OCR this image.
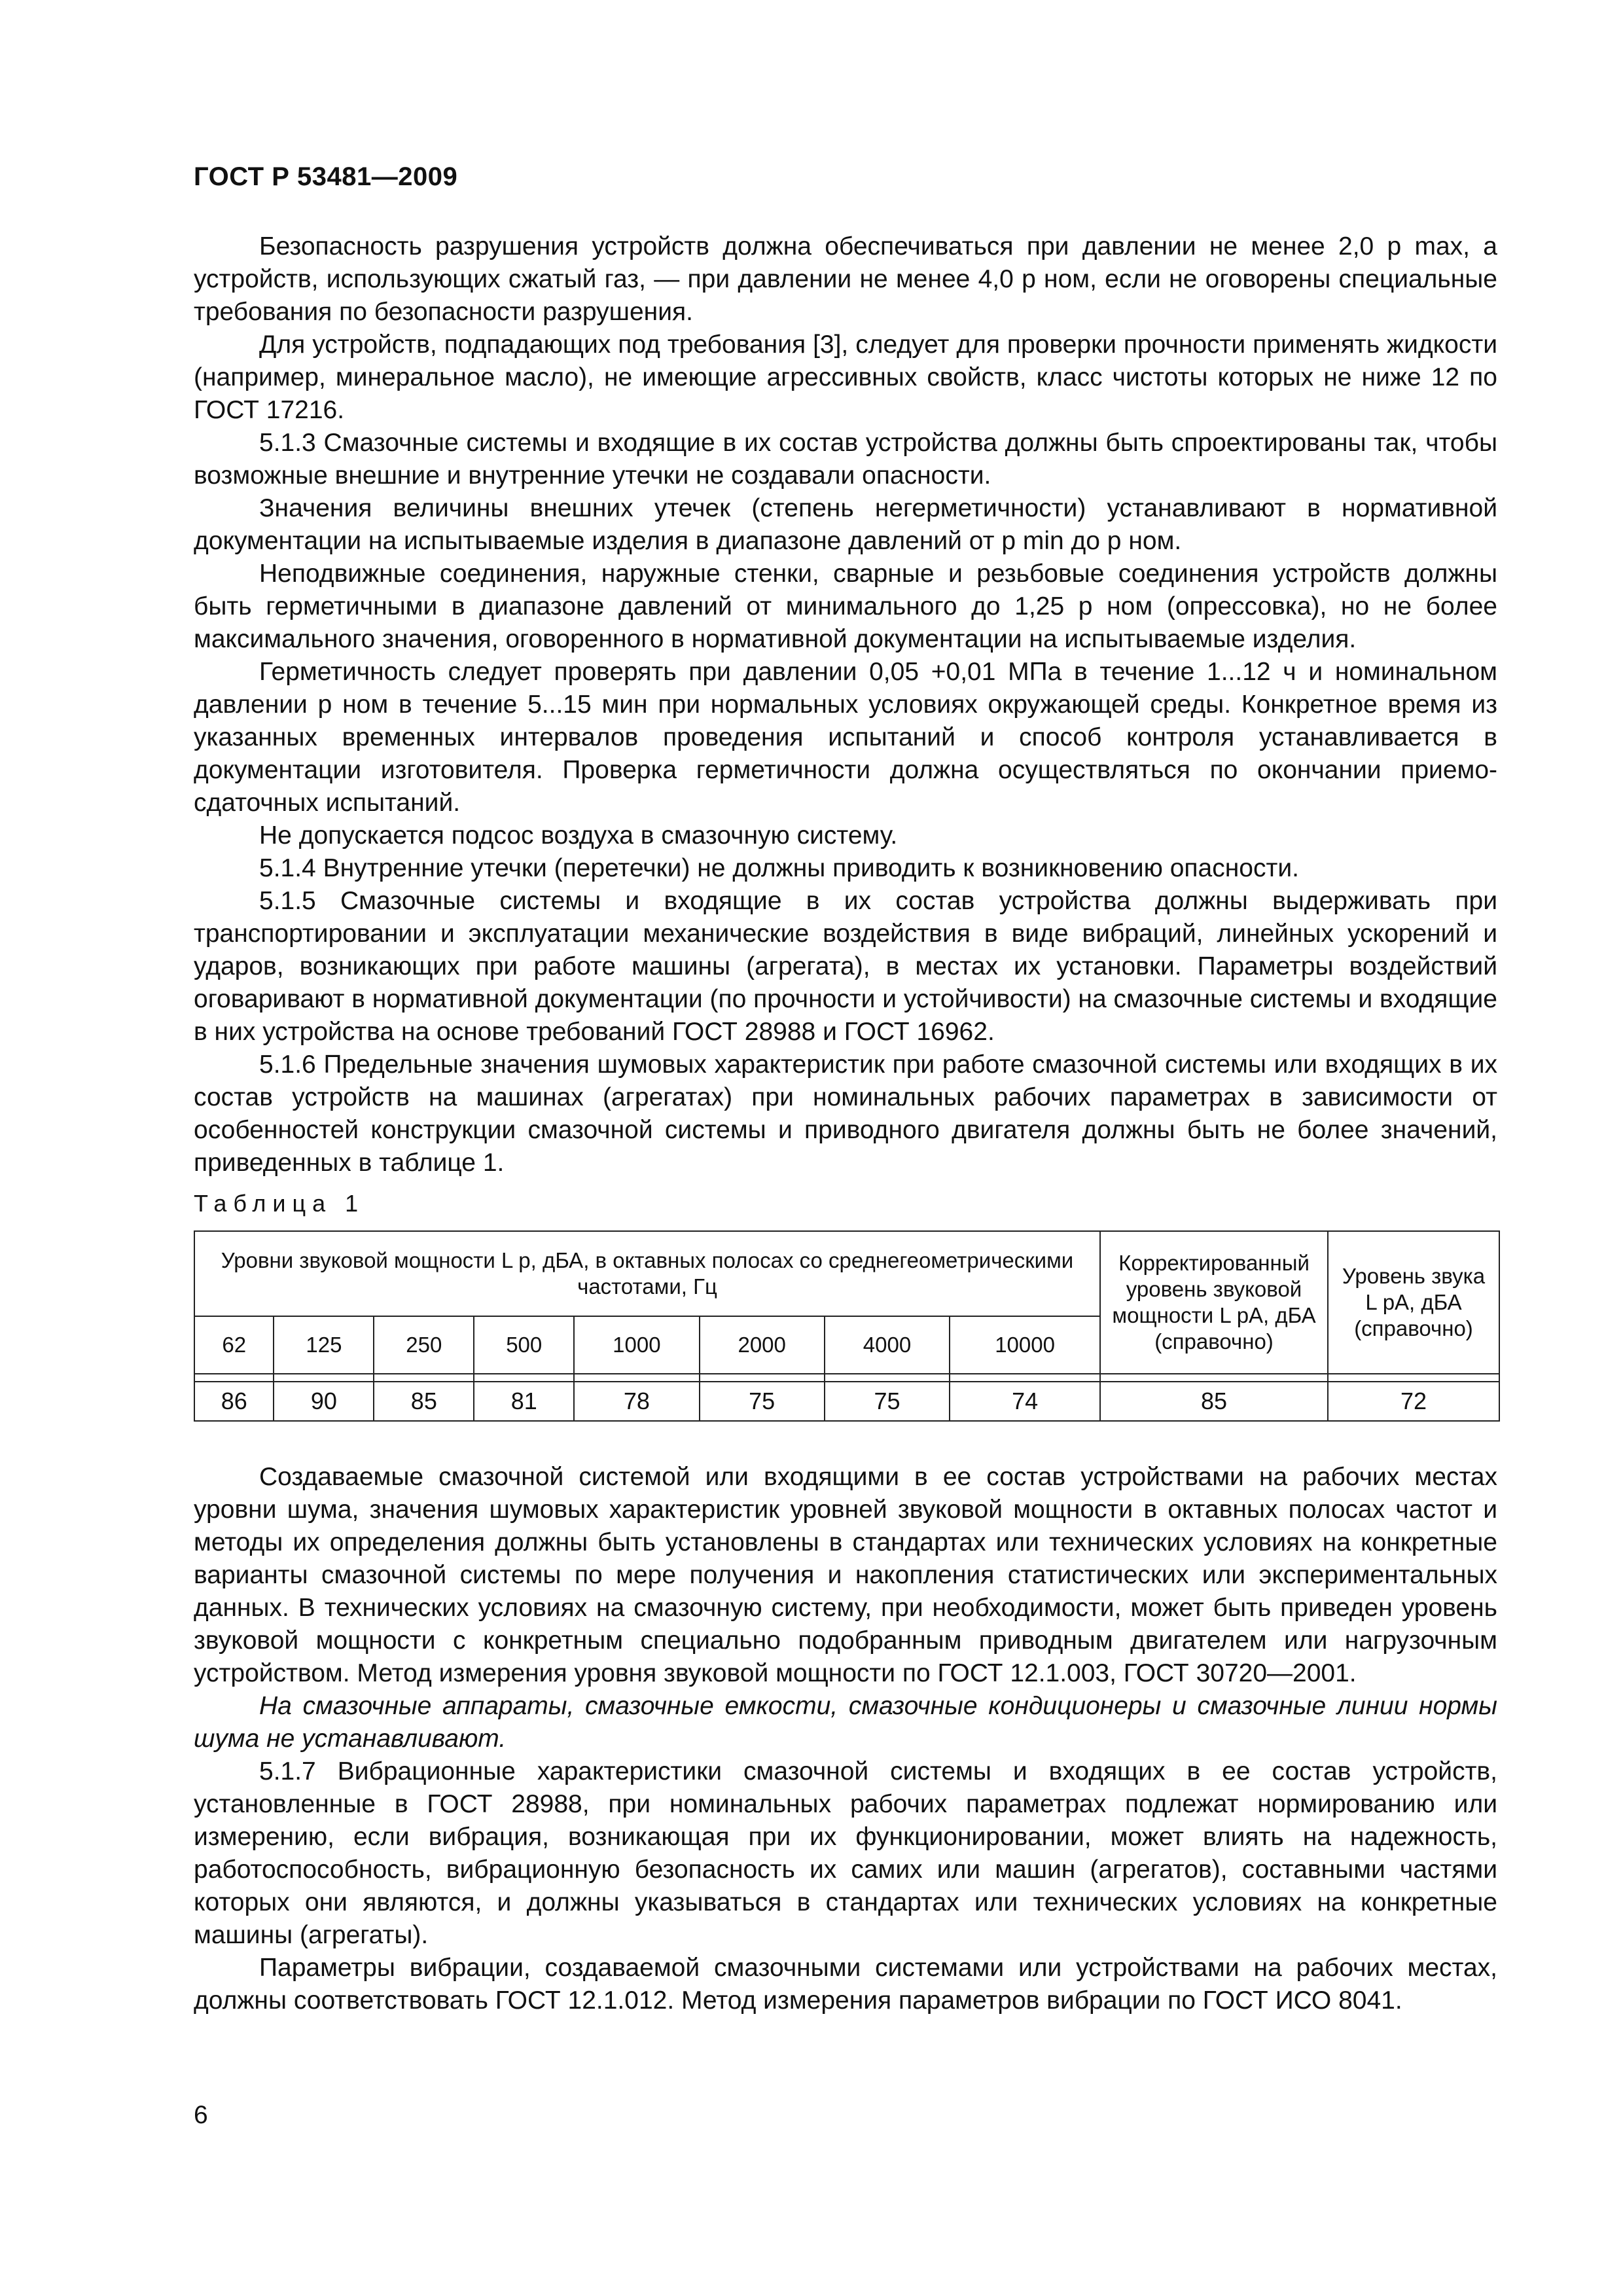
ГОСТ Р 53481—2009

Безопасность разрушения устройств должна обеспечиваться при давлении не менее 2,0 p max, а устройств, использующих сжатый газ, — при давлении не менее 4,0 p ном, если не оговорены специальные требования по безопасности разрушения.

Для устройств, подпадающих под требования [3], следует для проверки прочности применять жидкости (например, минеральное масло), не имеющие агрессивных свойств, класс чистоты которых не ниже 12 по ГОСТ 17216.

5.1.3 Смазочные системы и входящие в их состав устройства должны быть спроектированы так, чтобы возможные внешние и внутренние утечки не создавали опасности.

Значения величины внешних утечек (степень негерметичности) устанавливают в нормативной документации на испытываемые изделия в диапазоне давлений от p min до p ном.

Неподвижные соединения, наружные стенки, сварные и резьбовые соединения устройств должны быть герметичными в диапазоне давлений от минимального до 1,25 p ном (опрессовка), но не более максимального значения, оговоренного в нормативной документации на испытываемые изделия.

Герметичность следует проверять при давлении 0,05 +0,01 МПа в течение 1...12 ч и номинальном давлении p ном в течение 5...15 мин при нормальных условиях окружающей среды. Конкретное время из указанных временных интервалов проведения испытаний и способ контроля устанавливается в документации изготовителя. Проверка герметичности должна осуществляться по окончании приемо-сдаточных испытаний.

Не допускается подсос воздуха в смазочную систему.

5.1.4 Внутренние утечки (перетечки) не должны приводить к возникновению опасности.

5.1.5 Смазочные системы и входящие в их состав устройства должны выдерживать при транспортировании и эксплуатации механические воздействия в виде вибраций, линейных ускорений и ударов, возникающих при работе машины (агрегата), в местах их установки. Параметры воздействий оговаривают в нормативной документации (по прочности и устойчивости) на смазочные системы и входящие в них устройства на основе требований ГОСТ 28988 и ГОСТ 16962.

5.1.6 Предельные значения шумовых характеристик при работе смазочной системы или входящих в их состав устройств на машинах (агрегатах) при номинальных рабочих параметрах в зависимости от особенностей конструкции смазочной системы и приводного двигателя должны быть не более значений, приведенных в таблице 1.

Таблица 1
Уровни звуковой мощности L p, дБА, в октавных полосах со среднегеометрическими частотами, Гц								Корректированный уровень звуковой мощности L pA, дБА (справочно)	Уровень звука L pA, дБА (справочно)
62	125	250	500	1000	2000	4000	10000		

86	90	85	81	78	75	75	74	85	72

Создаваемые смазочной системой или входящими в ее состав устройствами на рабочих местах уровни шума, значения шумовых характеристик уровней звуковой мощности в октавных полосах частот и методы их определения должны быть установлены в стандартах или технических условиях на конкретные варианты смазочной системы по мере получения и накопления статистических или экспериментальных данных. В технических условиях на смазочную систему, при необходимости, может быть приведен уровень звуковой мощности с конкретным специально подобранным приводным двигателем или нагрузочным устройством. Метод измерения уровня звуковой мощности по ГОСТ 12.1.003, ГОСТ 30720—2001.

На смазочные аппараты, смазочные емкости, смазочные кондиционеры и смазочные линии нормы шума не устанавливают.

5.1.7 Вибрационные характеристики смазочной системы и входящих в ее состав устройств, установленные в ГОСТ 28988, при номинальных рабочих параметрах подлежат нормированию или измерению, если вибрация, возникающая при их функционировании, может влиять на надежность, работоспособность, вибрационную безопасность их самих или машин (агрегатов), составными частями которых они являются, и должны указываться в стандартах или технических условиях на конкретные машины (агрегаты).

Параметры вибрации, создаваемой смазочными системами или устройствами на рабочих местах, должны соответствовать ГОСТ 12.1.012. Метод измерения параметров вибрации по ГОСТ ИСО 8041.

6
